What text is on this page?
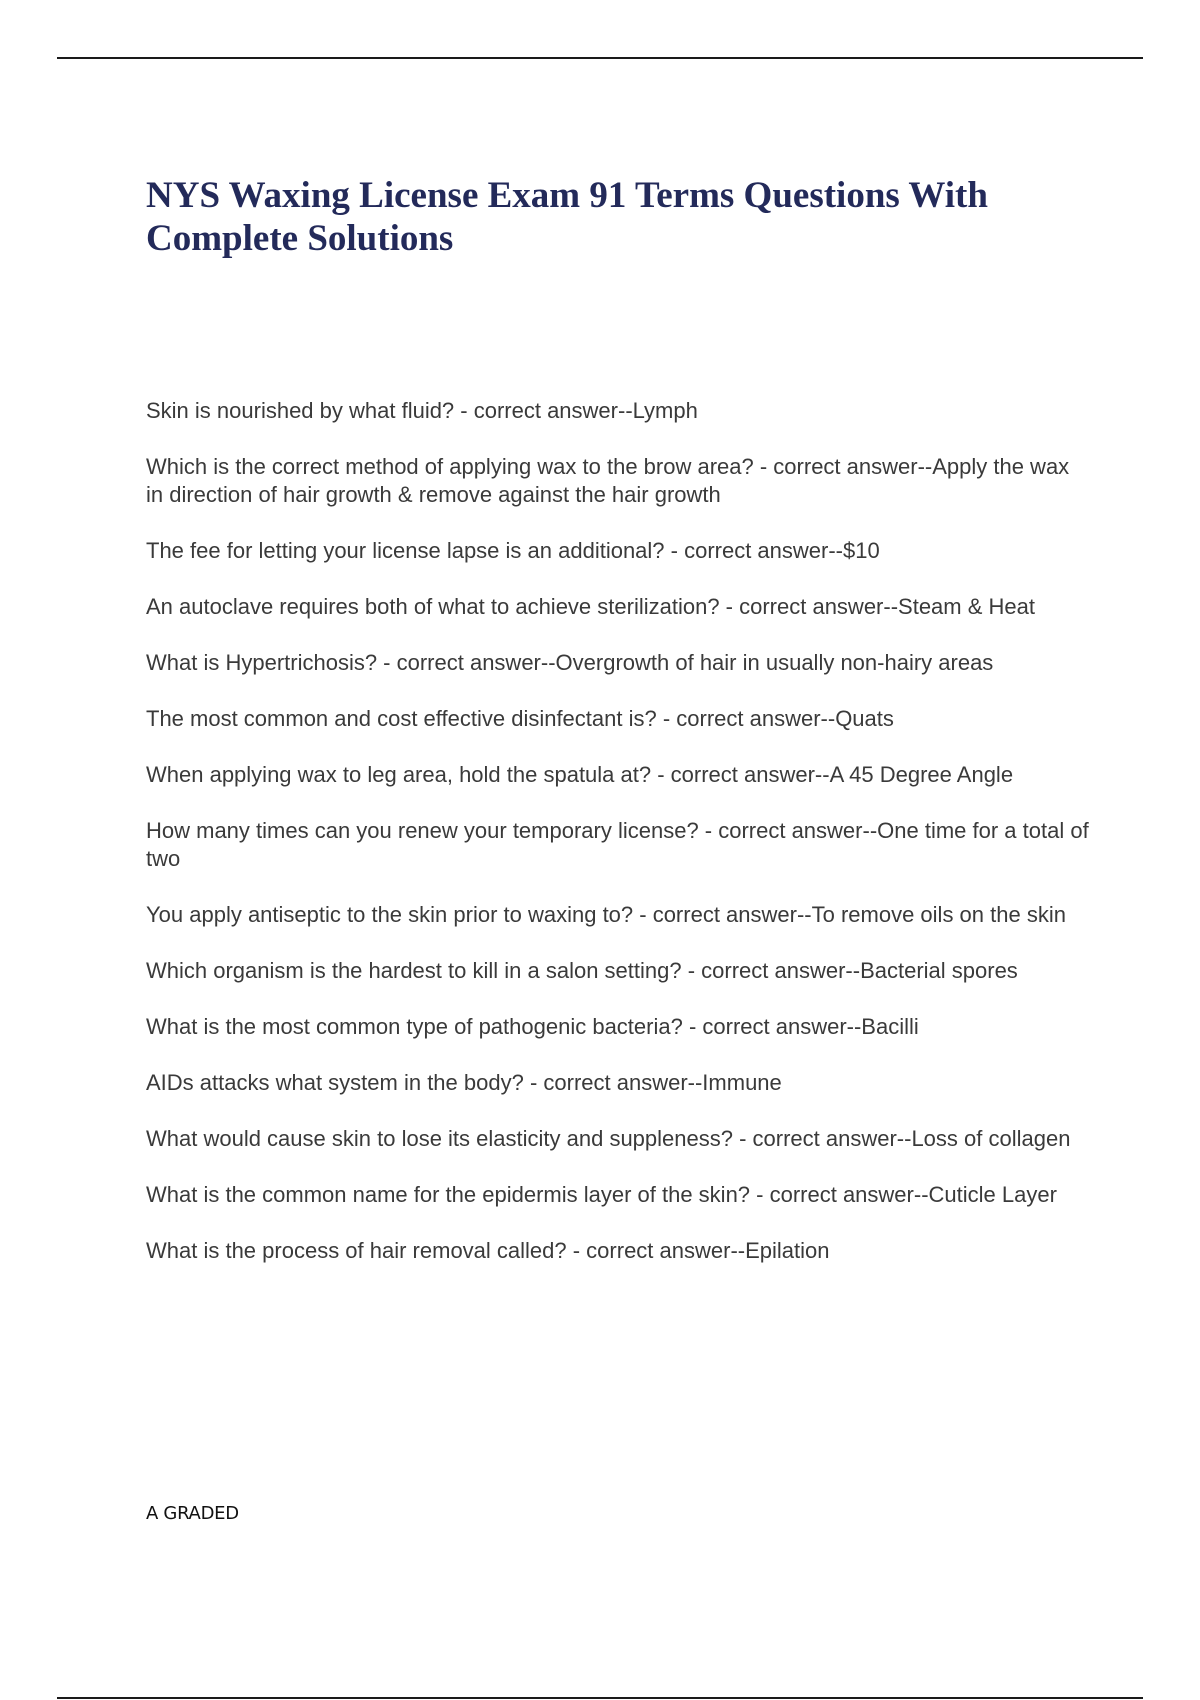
NYS Waxing License Exam 91 Terms Questions With Complete Solutions
Skin is nourished by what fluid? - correct answer--Lymph
Which is the correct method of applying wax to the brow area? - correct answer--Apply the wax in direction of hair growth & remove against the hair growth
The fee for letting your license lapse is an additional? - correct answer--$10
An autoclave requires both of what to achieve sterilization? - correct answer--Steam & Heat
What is Hypertrichosis? - correct answer--Overgrowth of hair in usually non-hairy areas
The most common and cost effective disinfectant is? - correct answer--Quats
When applying wax to leg area, hold the spatula at? - correct answer--A 45 Degree Angle
How many times can you renew your temporary license? - correct answer--One time for a total of two
You apply antiseptic to the skin prior to waxing to? - correct answer--To remove oils on the skin
Which organism is the hardest to kill in a salon setting? - correct answer--Bacterial spores
What is the most common type of pathogenic bacteria? - correct answer--Bacilli
AIDs attacks what system in the body? - correct answer--Immune
What would cause skin to lose its elasticity and suppleness? - correct answer--Loss of collagen
What is the common name for the epidermis layer of the skin? - correct answer--Cuticle Layer
What is the process of hair removal called? - correct answer--Epilation

A GRADED
